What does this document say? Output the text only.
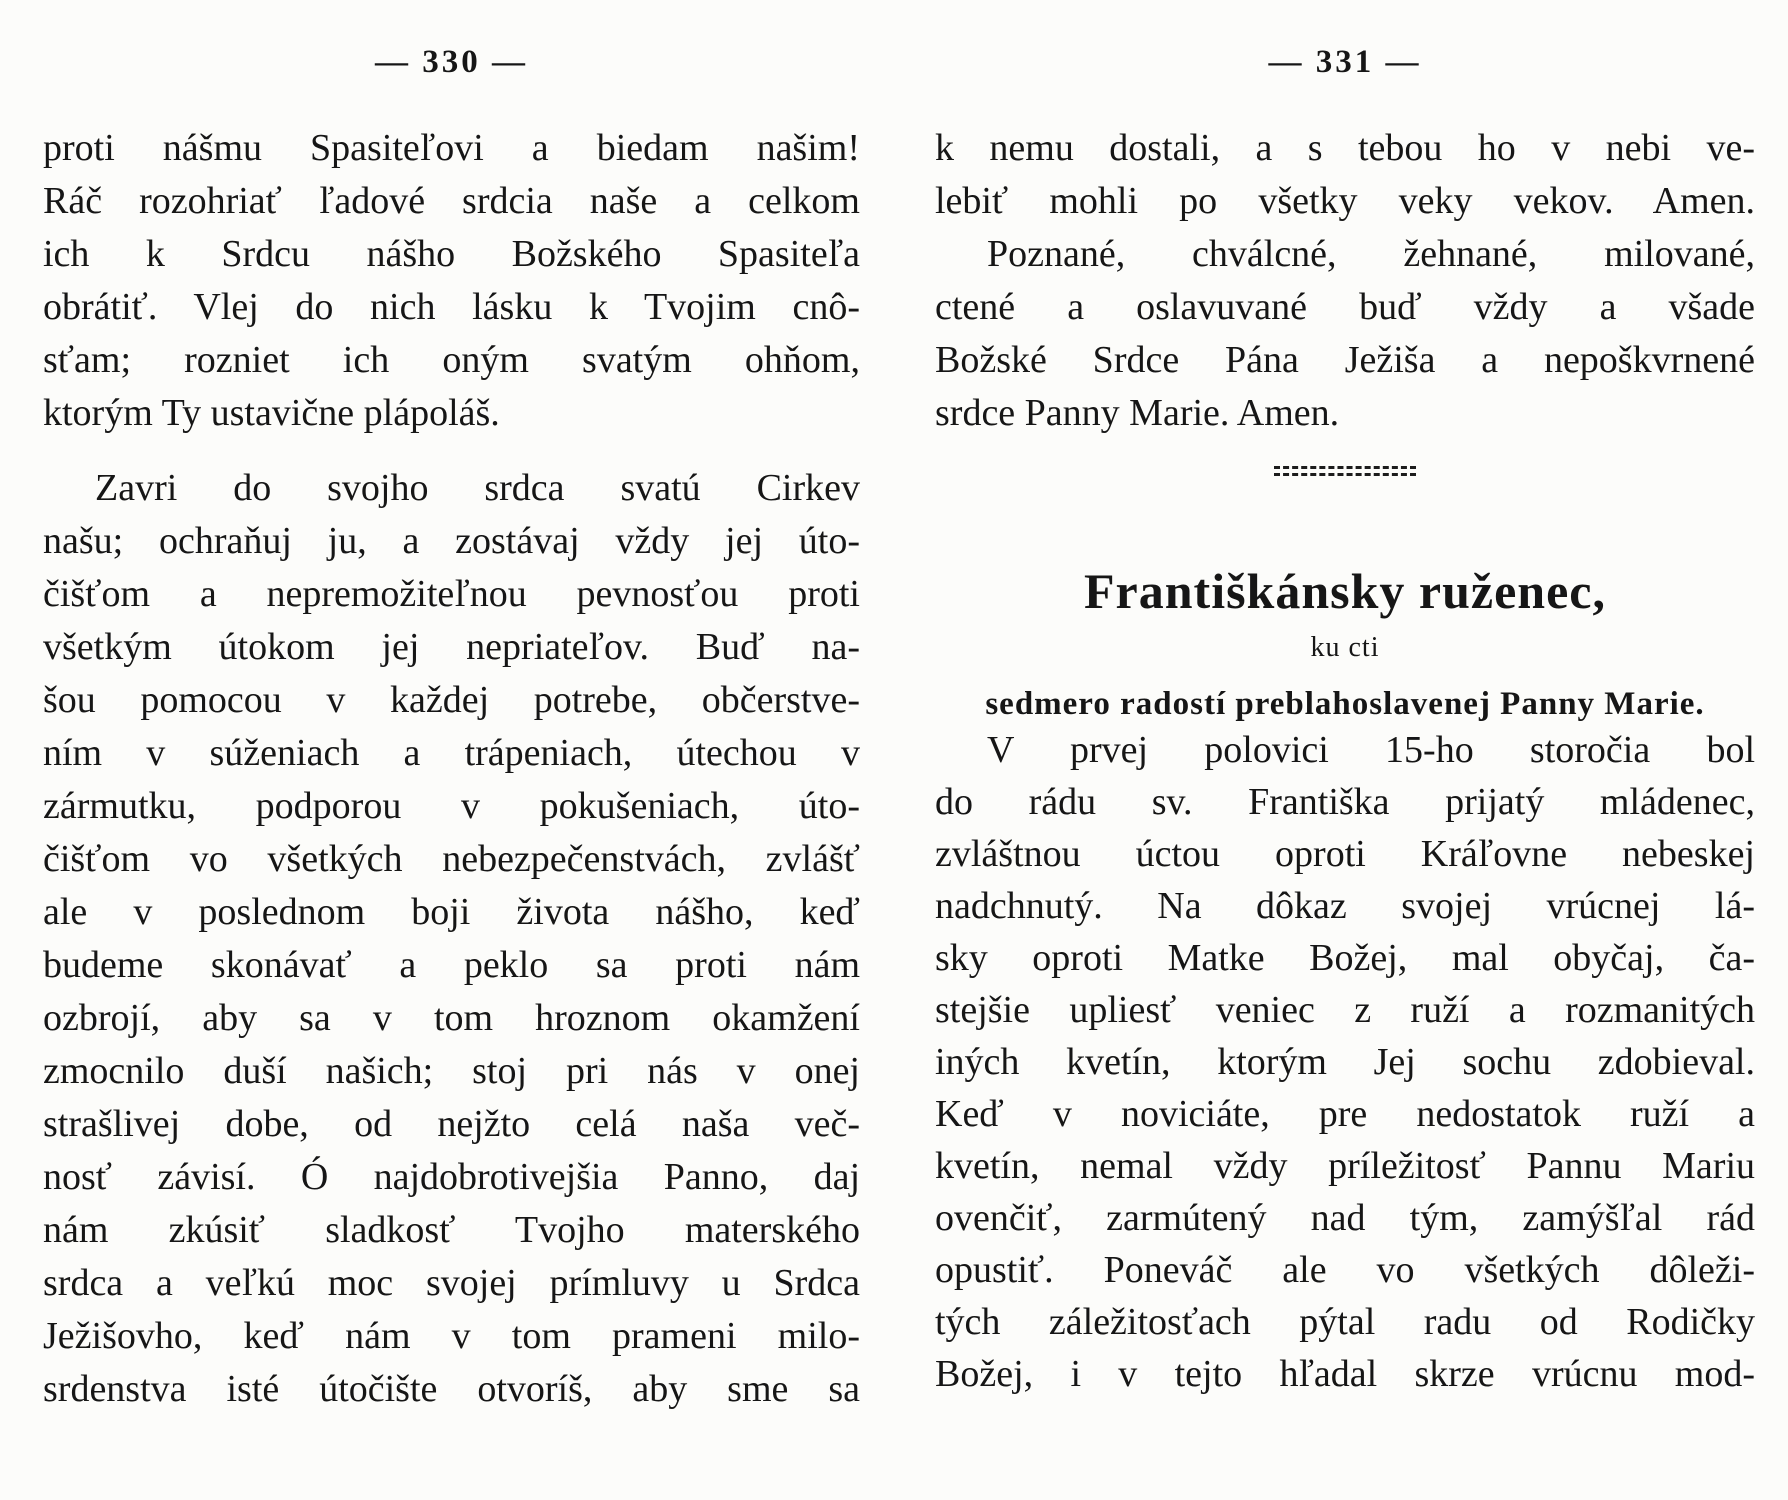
— 330 —	— 331 —
proti nášmu Spasiteľovi a biedam našim!
Ráč rozohriať ľadové srdcia naše a celkom
ich k Srdcu nášho Božského Spasiteľa
obrátiť. Vlej do nich lásku k Tvojim cnô-
sťam; rozniet ich oným svatým ohňom,
ktorým Ty ustavične plápoláš.
Zavri do svojho srdca svatú Cirkev
našu; ochraňuj ju, a zostávaj vždy jej úto-
čišťom a nepremožiteľnou pevnosťou proti
všetkým útokom jej nepriateľov. Buď na-
šou pomocou v každej potrebe, občerstve-
ním v súženiach a trápeniach, útechou v
zármutku, podporou v pokušeniach, úto-
čišťom vo všetkých nebezpečenstvách, zvlášť
ale v poslednom boji života nášho, keď
budeme skonávať a peklo sa proti nám
ozbrojí, aby sa v tom hroznom okamžení
zmocnilo duší našich; stoj pri nás v onej
strašlivej dobe, od nejžto celá naša več-
nosť závisí. Ó najdobrotivejšia Panno, daj
nám zkúsiť sladkosť Tvojho materského
srdca a veľkú moc svojej prímluvy u Srdca
Ježišovho, keď nám v tom prameni milo-
srdenstva isté útočište otvoríš, aby sme sa
k nemu dostali, a s tebou ho v nebi ve-
lebiť mohli po všetky veky vekov. Amen.
Poznané, chválcné, žehnané, milované,
ctené a oslavuvané buď vždy a všade
Božské Srdce Pána Ježiša a nepoškvrnené
srdce Panny Marie. Amen.
Františkánsky ruženec,
ku cti
sedmero radostí preblahoslavenej Panny Marie.
V prvej polovici 15-ho storočia bol
do rádu sv. Františka prijatý mládenec,
zvláštnou úctou oproti Kráľovne nebeskej
nadchnutý. Na dôkaz svojej vrúcnej lá-
sky oproti Matke Božej, mal obyčaj, ča-
stejšie upliesť veniec z ruží a rozmanitých
iných kvetín, ktorým Jej sochu zdobieval.
Keď v noviciáte, pre nedostatok ruží a
kvetín, nemal vždy príležitosť Pannu Mariu
ovenčiť, zarmútený nad tým, zamýšľal rád
opustiť. Poneváč ale vo všetkých dôleži-
tých záležitosťach pýtal radu od Rodičky
Božej, i v tejto hľadal skrze vrúcnu mod-
